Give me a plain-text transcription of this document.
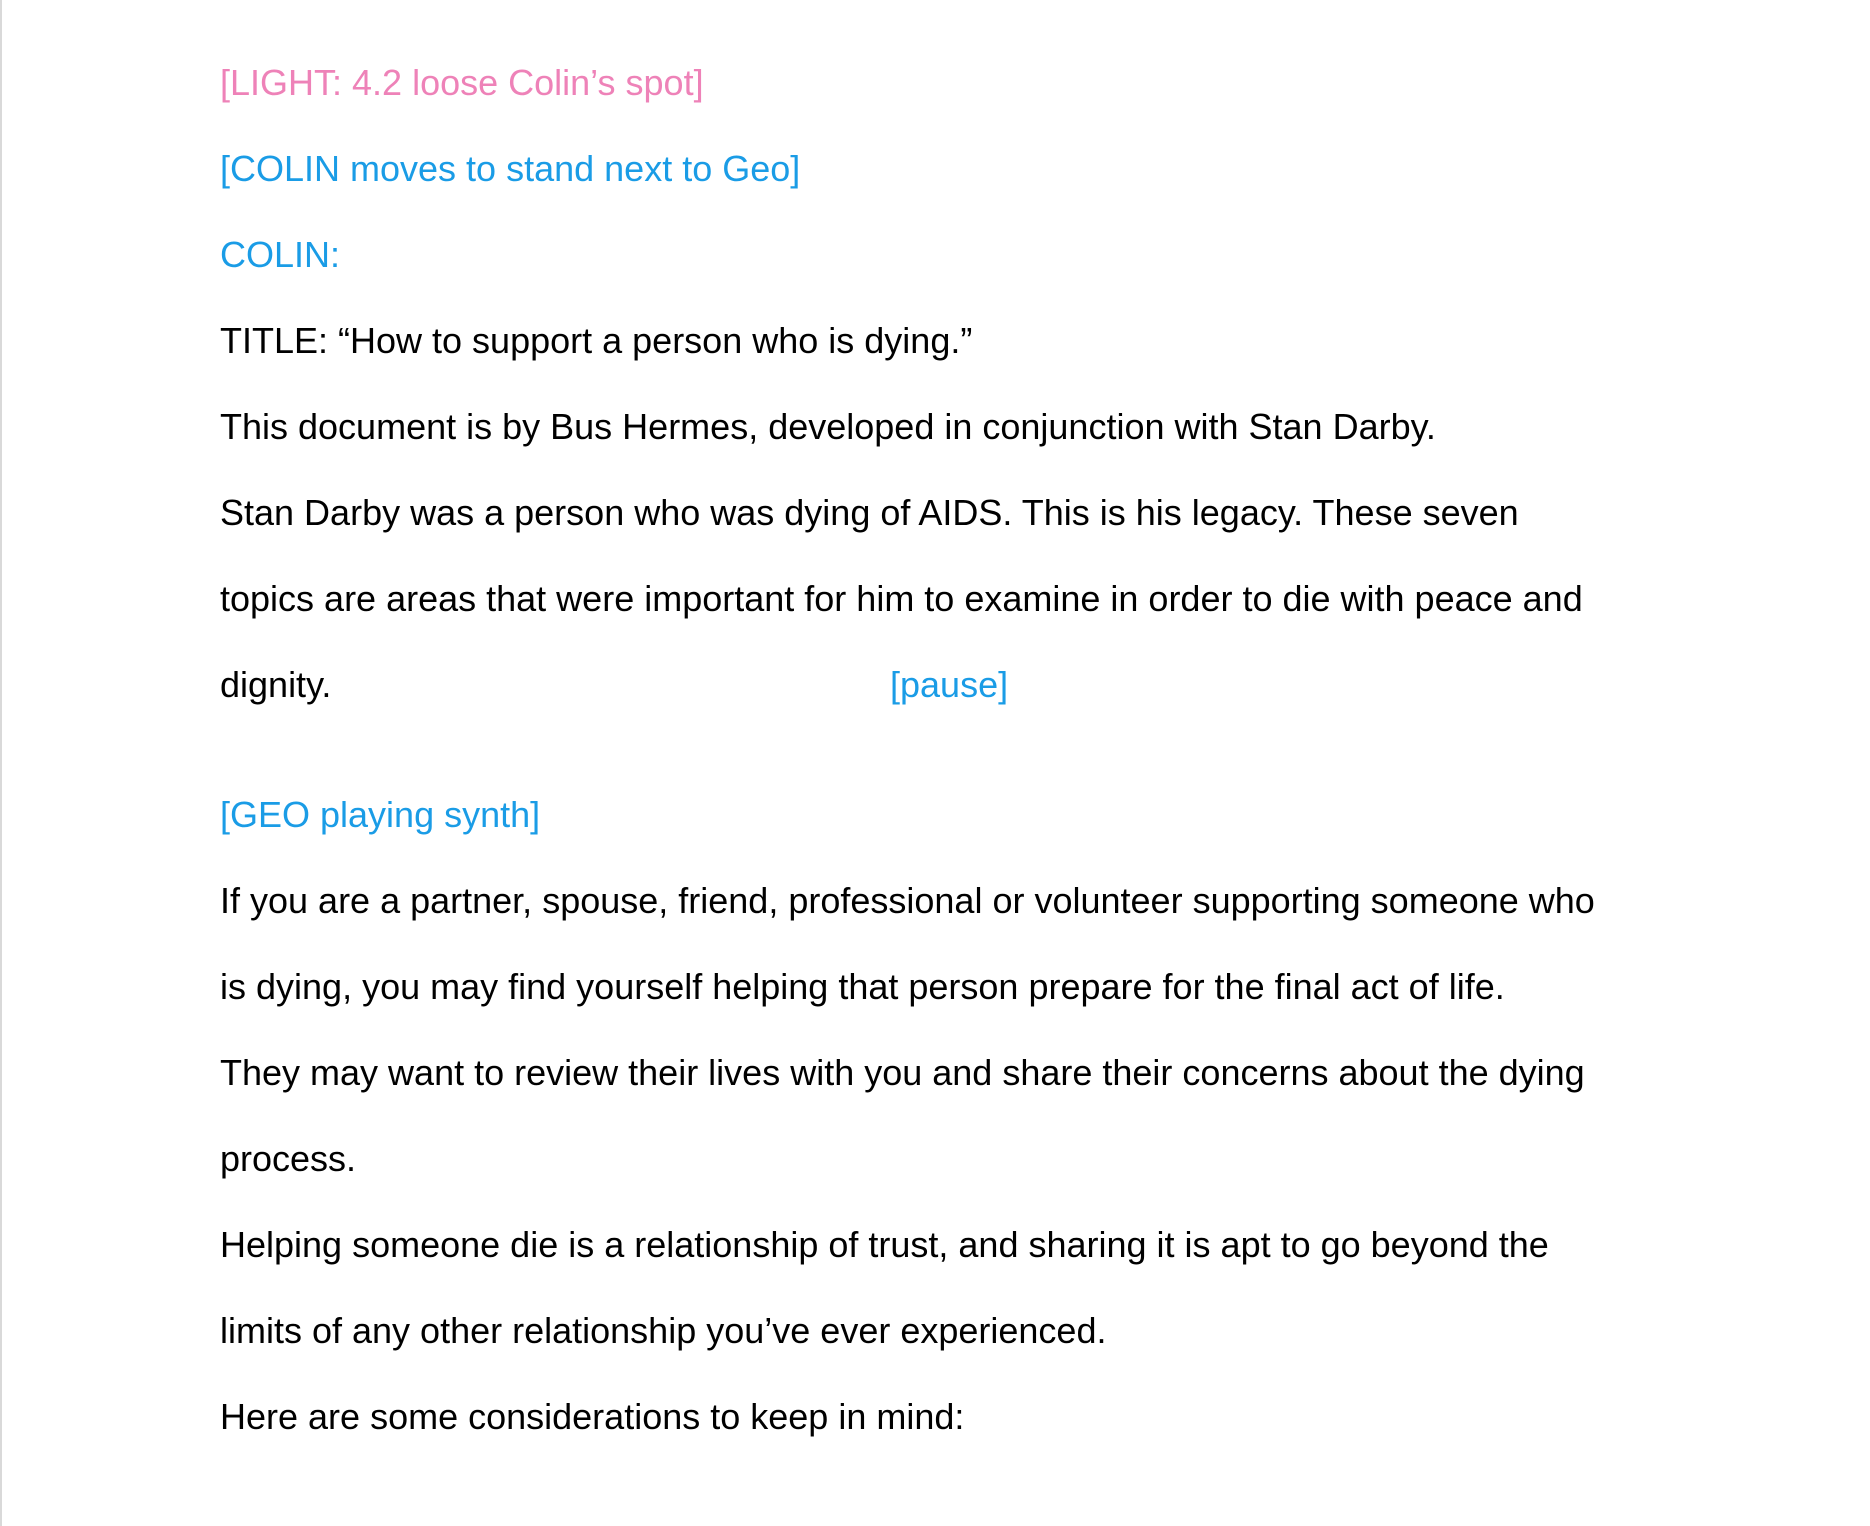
[LIGHT: 4.2 loose Colin’s spot]

[COLIN moves to stand next to Geo]

COLIN:

TITLE: “How to support a person who is dying.”

This document is by Bus Hermes, developed in conjunction with Stan Darby.

Stan Darby was a person who was dying of AIDS. This is his legacy. These seven

topics are areas that were important for him to examine in order to die with peace and

dignity.	[pause]

[GEO playing synth]

If you are a partner, spouse, friend, professional or volunteer supporting someone who

is dying, you may find yourself helping that person prepare for the final act of life.

They may want to review their lives with you and share their concerns about the dying

process.

Helping someone die is a relationship of trust, and sharing it is apt to go beyond the

limits of any other relationship you’ve ever experienced.

Here are some considerations to keep in mind:
